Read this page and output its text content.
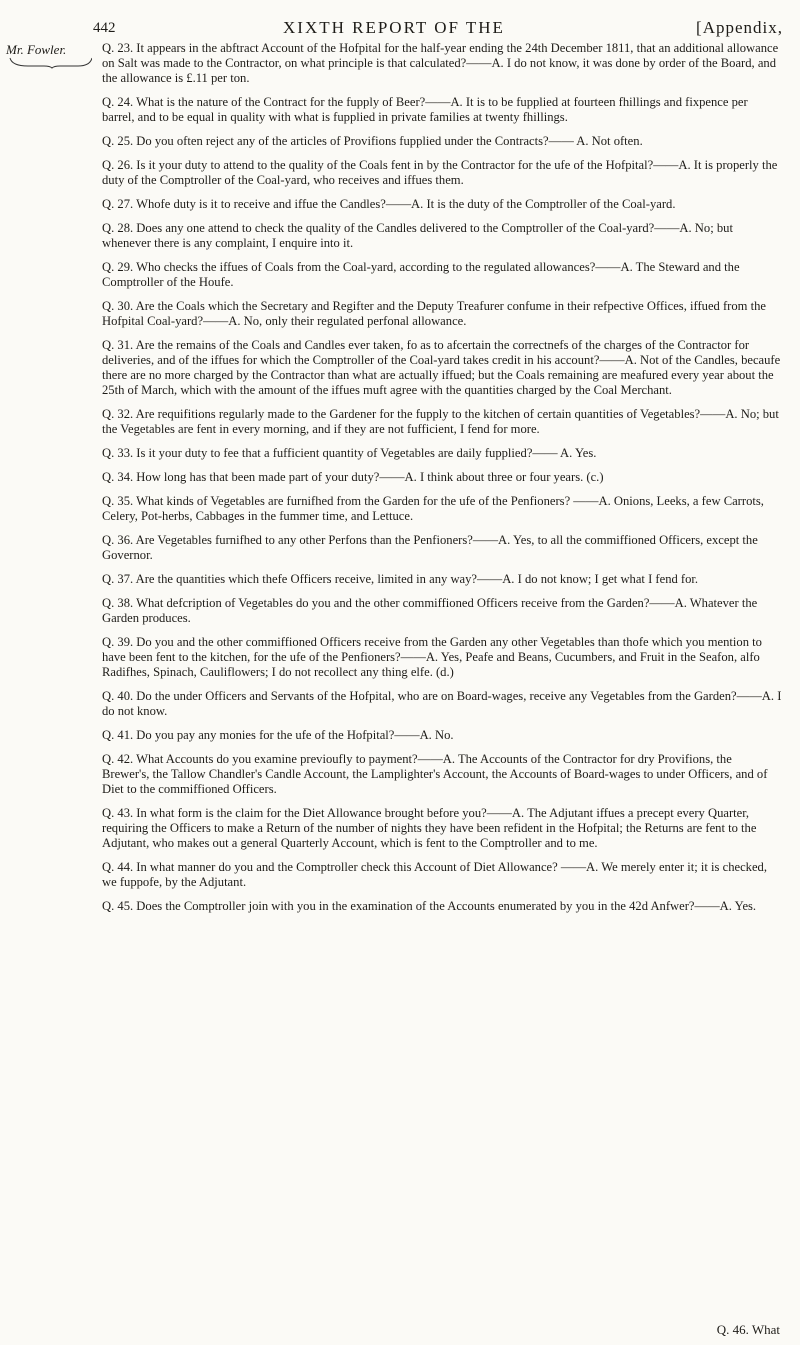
442	XIXTH REPORT OF THE	[Appendix,
Mr. Fowler.	Q. 23. It appears in the abftract Account of the Hofpital for the half-year ending the 24th December 1811, that an additional allowance on Salt was made to the Contractor, on what principle is that calculated?——A. I do not know, it was done by order of the Board, and the allowance is £.11 per ton.
Q. 24. What is the nature of the Contract for the fupply of Beer?——A. It is to be fupplied at fourteen fhillings and fixpence per barrel, and to be equal in quality with what is fupplied in private families at twenty fhillings.
Q. 25. Do you often reject any of the articles of Provifions fupplied under the Contracts?—— A. Not often.
Q. 26. Is it your duty to attend to the quality of the Coals fent in by the Contractor for the ufe of the Hofpital?——A. It is properly the duty of the Comptroller of the Coal-yard, who receives and iffues them.
Q. 27. Whofe duty is it to receive and iffue the Candles?——A. It is the duty of the Comptroller of the Coal-yard.
Q. 28. Does any one attend to check the quality of the Candles delivered to the Comptroller of the Coal-yard?——A. No; but whenever there is any complaint, I enquire into it.
Q. 29. Who checks the iffues of Coals from the Coal-yard, according to the regulated allowances?——A. The Steward and the Comptroller of the Houfe.
Q. 30. Are the Coals which the Secretary and Regifter and the Deputy Treafurer confume in their refpective Offices, iffued from the Hofpital Coal-yard?——A. No, only their regulated perfonal allowance.
Q. 31. Are the remains of the Coals and Candles ever taken, fo as to afcertain the correctnefs of the charges of the Contractor for deliveries, and of the iffues for which the Comptroller of the Coal-yard takes credit in his account?——A. Not of the Candles, becaufe there are no more charged by the Contractor than what are actually iffued; but the Coals remaining are meafured every year about the 25th of March, which with the amount of the iffues muft agree with the quantities charged by the Coal Merchant.
Q. 32. Are requifitions regularly made to the Gardener for the fupply to the kitchen of certain quantities of Vegetables?——A. No; but the Vegetables are fent in every morning, and if they are not fufficient, I fend for more.
Q. 33. Is it your duty to fee that a fufficient quantity of Vegetables are daily fupplied?—— A. Yes.
Q. 34. How long has that been made part of your duty?——A. I think about three or four years. (c.)
Q. 35. What kinds of Vegetables are furnifhed from the Garden for the ufe of the Penfioners? ——A. Onions, Leeks, a few Carrots, Celery, Pot-herbs, Cabbages in the fummer time, and Lettuce.
Q. 36. Are Vegetables furnifhed to any other Perfons than the Penfioners?——A. Yes, to all the commiffioned Officers, except the Governor.
Q. 37. Are the quantities which thefe Officers receive, limited in any way?——A. I do not know; I get what I fend for.
Q. 38. What defcription of Vegetables do you and the other commiffioned Officers receive from the Garden?——A. Whatever the Garden produces.
Q. 39. Do you and the other commiffioned Officers receive from the Garden any other Vegetables than thofe which you mention to have been fent to the kitchen, for the ufe of the Penfioners?——A. Yes, Peafe and Beans, Cucumbers, and Fruit in the Seafon, alfo Radifhes, Spinach, Cauliflowers; I do not recollect any thing elfe. (d.)
Q. 40. Do the under Officers and Servants of the Hofpital, who are on Board-wages, receive any Vegetables from the Garden?——A. I do not know.
Q. 41. Do you pay any monies for the ufe of the Hofpital?——A. No.
Q. 42. What Accounts do you examine previoufly to payment?——A. The Accounts of the Contractor for dry Provifions, the Brewer's, the Tallow Chandler's Candle Account, the Lamplighter's Account, the Accounts of Board-wages to under Officers, and of Diet to the commiffioned Officers.
Q. 43. In what form is the claim for the Diet Allowance brought before you?——A. The Adjutant iffues a precept every Quarter, requiring the Officers to make a Return of the number of nights they have been refident in the Hofpital; the Returns are fent to the Adjutant, who makes out a general Quarterly Account, which is fent to the Comptroller and to me.
Q. 44. In what manner do you and the Comptroller check this Account of Diet Allowance? ——A. We merely enter it; it is checked, we fuppofe, by the Adjutant.
Q. 45. Does the Comptroller join with you in the examination of the Accounts enumerated by you in the 42d Anfwer?——A. Yes.
Q. 46. What
